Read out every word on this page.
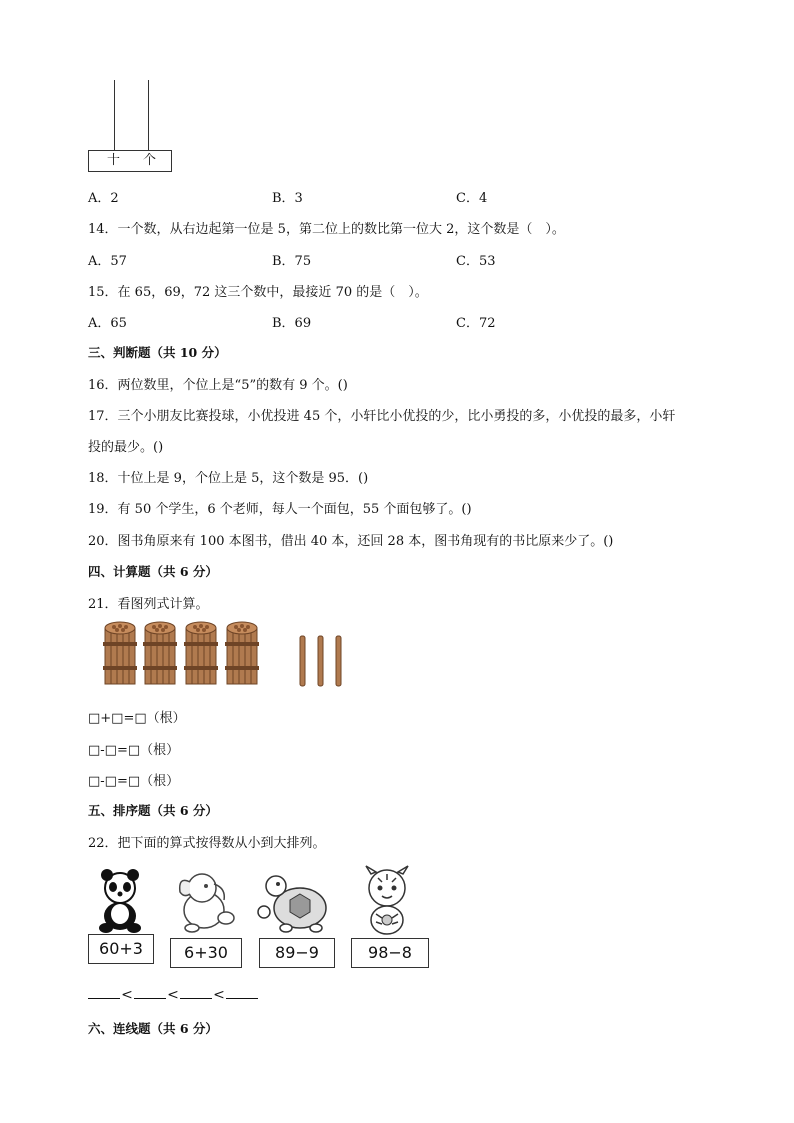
十 个
A．2	B．3	C．4
14．一个数，从右边起第一位是 5，第二位上的数比第一位大 2，这个数是（　）。
A．57	B．75	C．53
15．在 65，69，72 这三个数中，最接近 70 的是（　）。
A．65	B．69	C．72
三、判断题（共 10 分）
16．两位数里，个位上是“5”的数有 9 个。()
17．三个小朋友比赛投球，小优投进 45 个，小轩比小优投的少，比小勇投的多，小优投的最多，小轩
投的最少。()
18．十位上是 9，个位上是 5，这个数是 95．()
19．有 50 个学生，6 个老师，每人一个面包，55 个面包够了。()
20．图书角原来有 100 本图书，借出 40 本，还回 28 本，图书角现有的书比原来少了。()
四、计算题（共 6 分）
21．看图列式计算。
□+□=□（根）
□-□=□（根）
□-□=□（根）
五、排序题（共 6 分）
22．把下面的算式按得数从小到大排列。
60+3	6+30	89−9	98−8
< < <
六、连线题（共 6 分）
